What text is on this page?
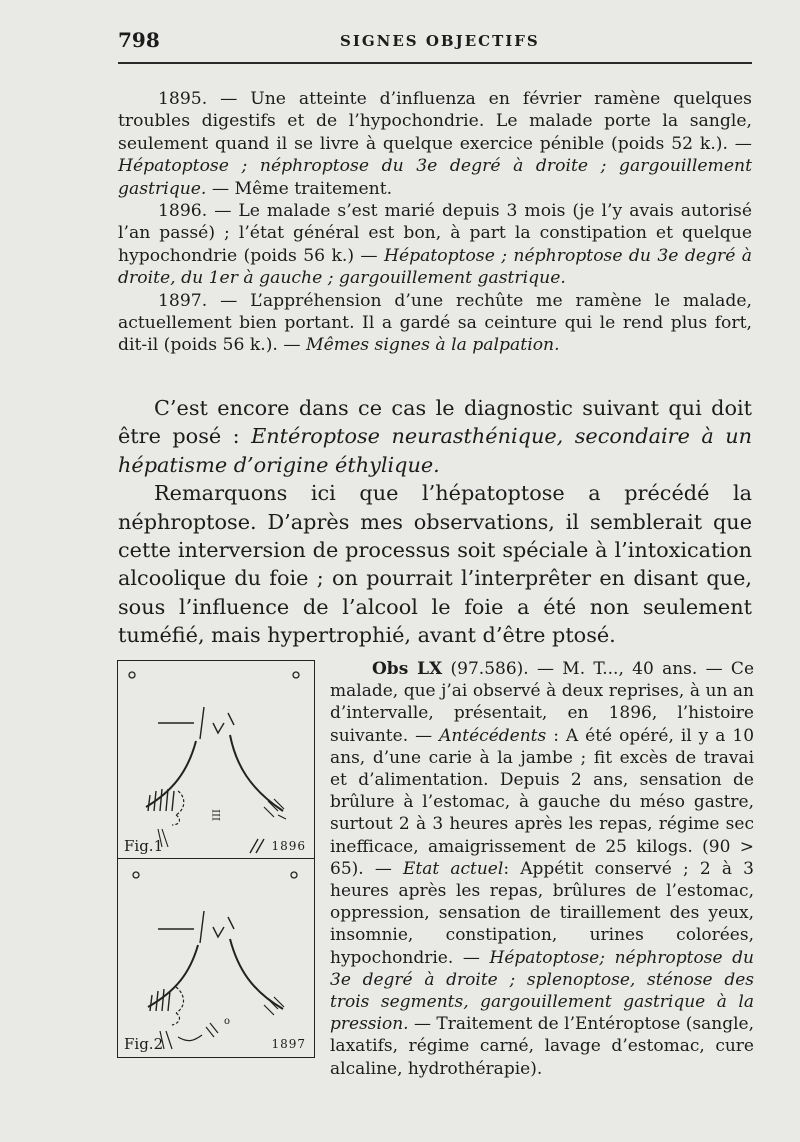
798	SIGNES OBJECTIFS

1895. — Une atteinte d’influenza en février ramène quelques troubles digestifs et de l’hypochondrie. Le malade porte la sangle, seulement quand il se livre à quelque exercice pénible (poids 52 k.). — Hépatoptose ; néphroptose du 3e degré à droite ; gargouillement gastrique. — Même traitement.

1896. — Le malade s’est marié depuis 3 mois (je l’y avais autorisé l’an passé) ; l’état général est bon, à part la constipation et quelque hypochondrie (poids 56 k.) — Hépatoptose ; néphroptose du 3e degré à droite, du 1er à gauche ; gargouillement gastrique.

1897. — L’appréhension d’une rechûte me ramène le malade, actuellement bien portant. Il a gardé sa ceinture qui le rend plus fort, dit-il (poids 56 k.). — Mêmes signes à la palpation.

C’est encore dans ce cas le diagnostic suivant qui doit être posé : Entéroptose neurasthénique, secondaire à un hépatisme d’origine éthylique.

Remarquons ici que l’hépatoptose a précédé la néphroptose. D’après mes observations, il semblerait que cette interversion de processus soit spéciale à l’intoxication alcoolique du foie ; on pourrait l’interprêter en disant que, sous l’influence de l’alcool le foie a été non seulement tuméfié, mais hypertrophié, avant d’être ptosé.

III
Fig.1	1896
o
Fig.2	1897

Obs LX (97.586). — M. T..., 40 ans. — Ce malade, que j’ai observé à deux reprises, à un an d’intervalle, présentait, en 1896, l’histoire suivante. — Antécédents : A été opéré, il y a 10 ans, d’une carie à la jambe ; fit excès de travai et d’alimentation. Depuis 2 ans, sensation de brûlure à l’estomac, à gauche du méso gastre, surtout 2 à 3 heures après les repas, régime sec inefficace, amaigrissement de 25 kilogs. (90 > 65). — Etat actuel: Appétit conservé ; 2 à 3 heures après les repas, brûlures de l’estomac, oppression, sensation de tiraillement des yeux, insomnie, constipation, urines colorées, hypochondrie. — Hépatoptose; néphroptose du 3e degré à droite ; splenoptose, sténose des trois segments, gargouillement gastrique à la pression. — Traitement de l’Entéroptose (sangle, laxatifs, régime carné, lavage d’estomac, cure alcaline, hydrothérapie).
